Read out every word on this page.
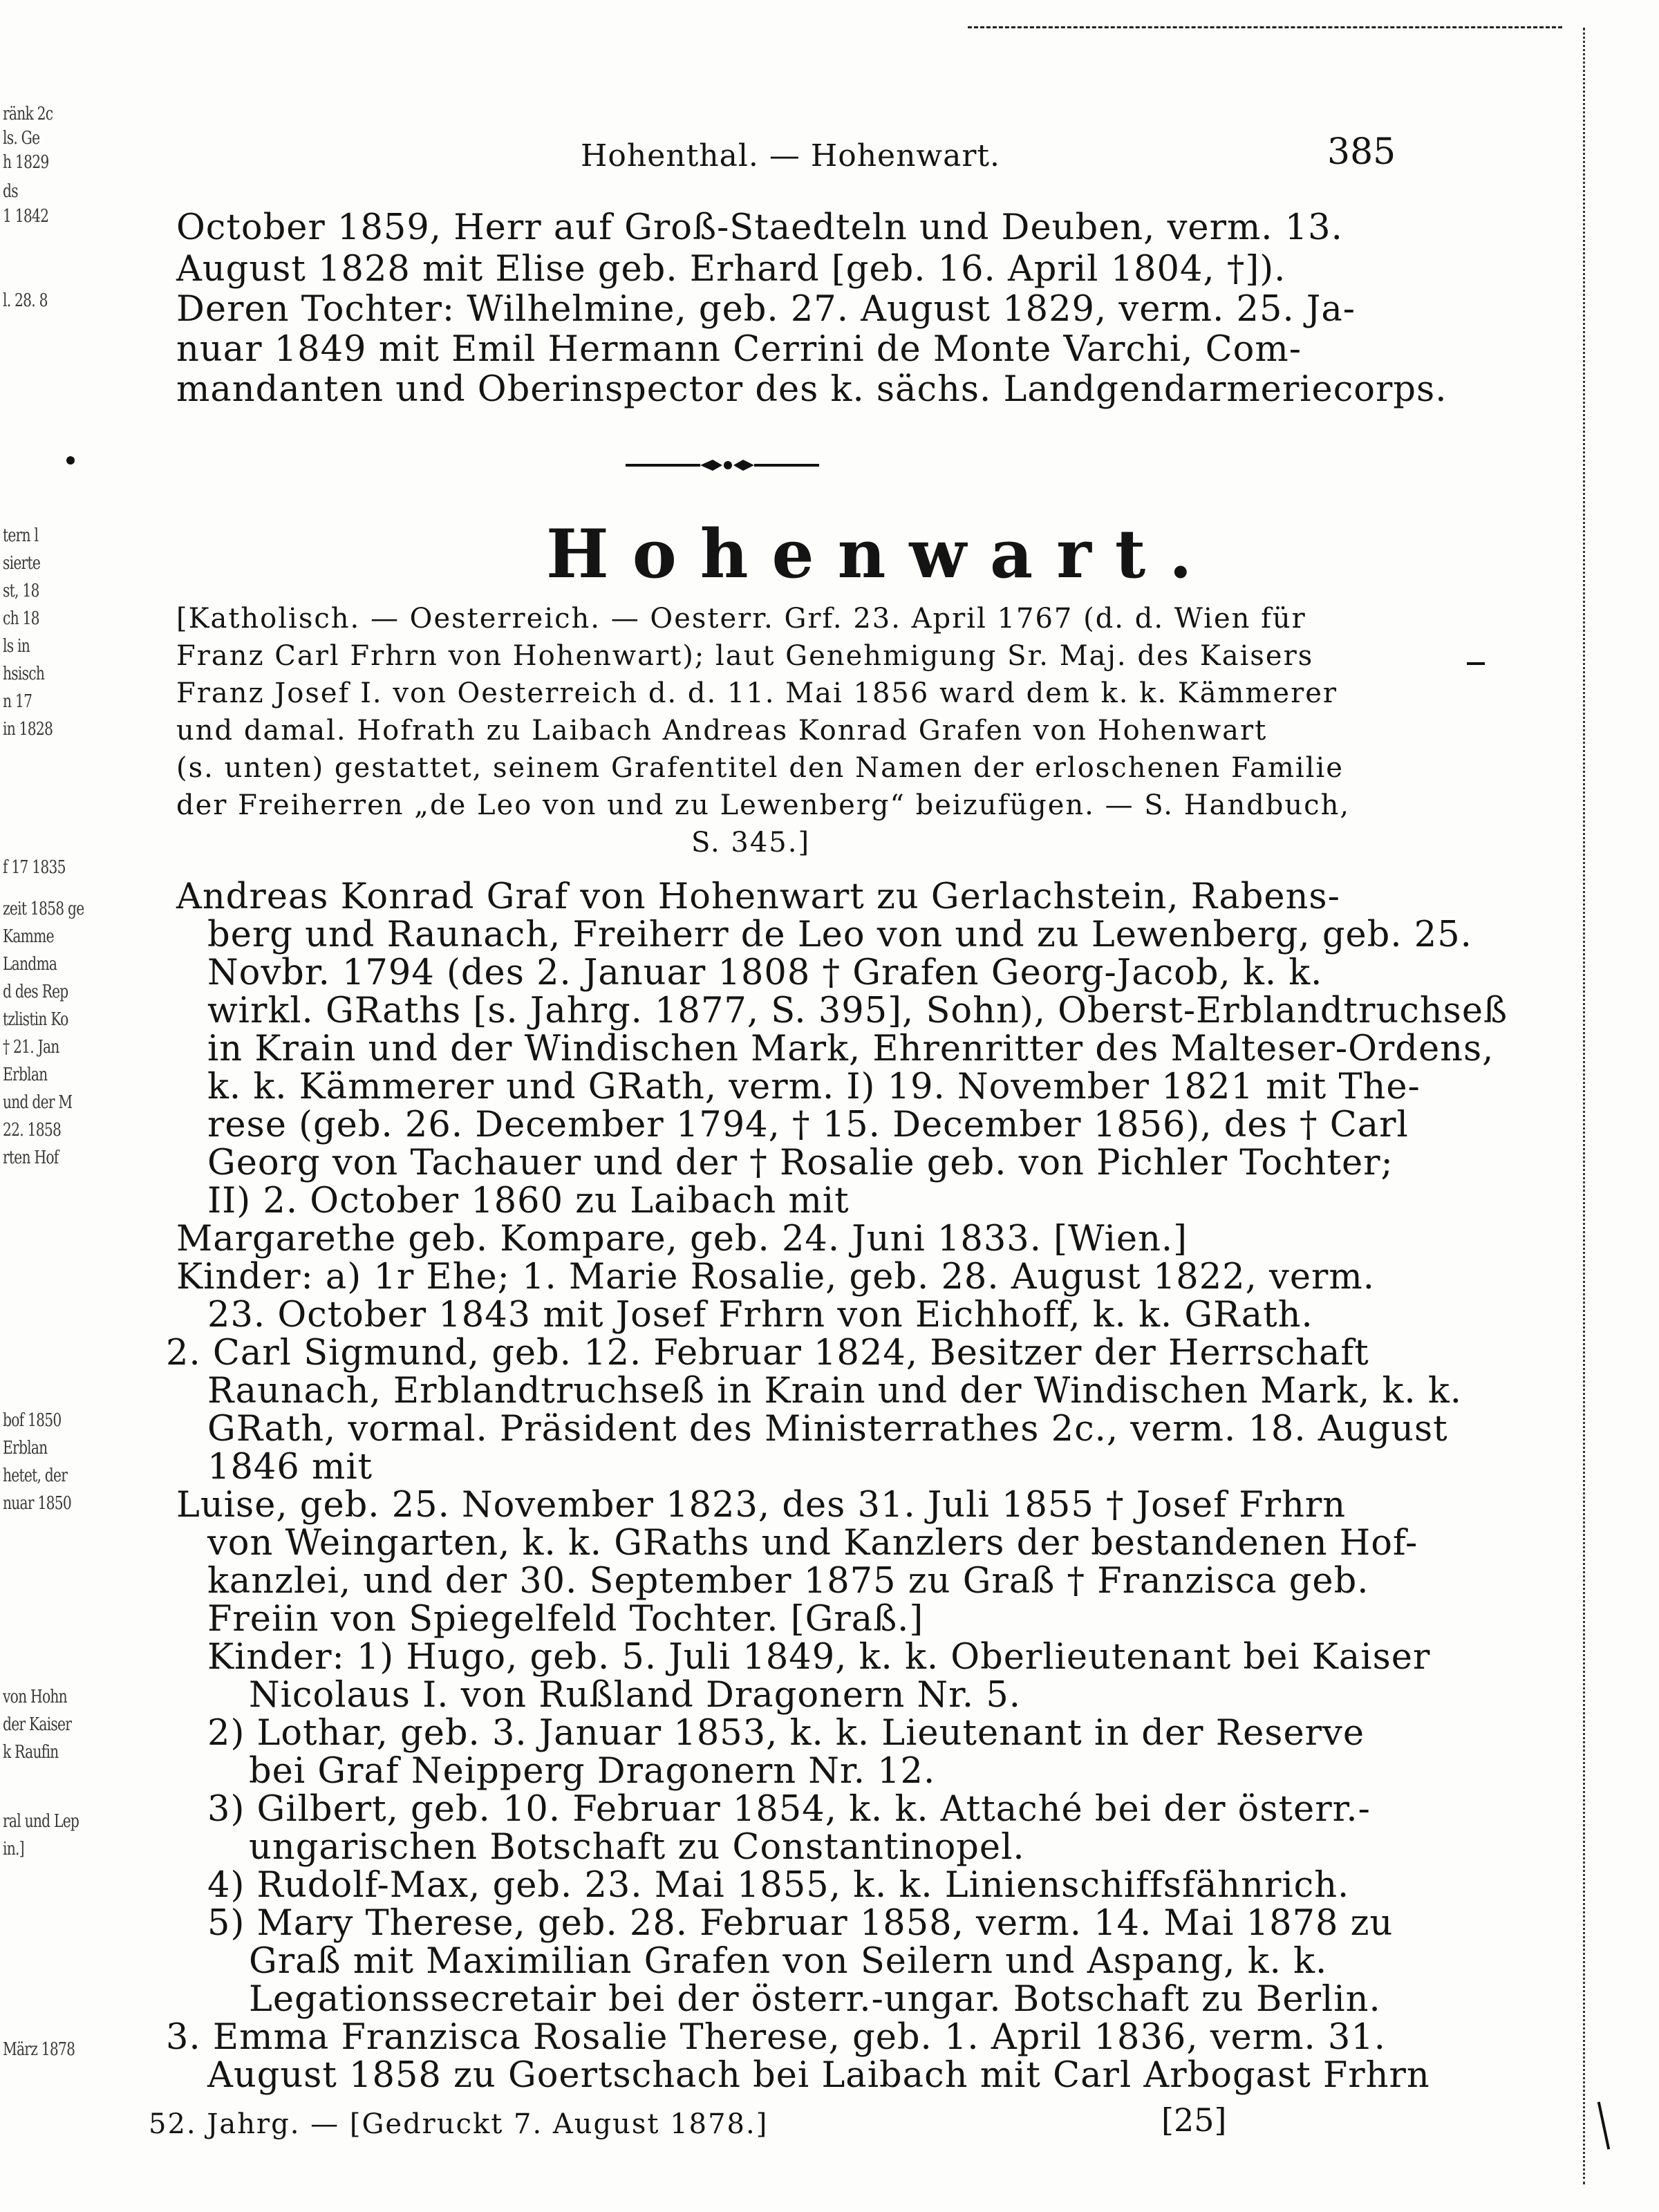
ränk 2c
ls. Ge
h 1829
ds
1 1842
l. 28. 8
tern l
sierte
st, 18
ch 18
ls in
hsisch
n 17
in 1828
f 17 1835
zeit 1858 ge
Kamme
Landma
d des Rep
tzlistin Ko
† 21. Jan
Erblan
und der M
22. 1858
rten Hof
bof 1850
Erblan
hetet, der
nuar 1850
von Hohn
der Kaiser
k Raufin
ral und Lep
in.]
März 1878
Hohenthal. — Hohenwart.	385
October 1859, Herr auf Groß-Staedteln und Deuben, verm. 13.
August 1828 mit Elise geb. Erhard [geb. 16. April 1804, †]).
Deren Tochter: Wilhelmine, geb. 27. August 1829, verm. 25. Ja-
nuar 1849 mit Emil Hermann Cerrini de Monte Varchi, Com-
mandanten und Oberinspector des k. sächs. Landgendarmeriecorps.
Hohenwart.
[Katholisch. — Oesterreich. — Oesterr. Grf. 23. April 1767 (d. d. Wien für
Franz Carl Frhrn von Hohenwart); laut Genehmigung Sr. Maj. des Kaisers
Franz Josef I. von Oesterreich d. d. 11. Mai 1856 ward dem k. k. Kämmerer
und damal. Hofrath zu Laibach Andreas Konrad Grafen von Hohenwart
(s. unten) gestattet, seinem Grafentitel den Namen der erloschenen Familie
der Freiherren „de Leo von und zu Lewenberg“ beizufügen. — S. Handbuch,
S. 345.]
Andreas Konrad Graf von Hohenwart zu Gerlachstein, Rabens-
berg und Raunach, Freiherr de Leo von und zu Lewenberg, geb. 25.
Novbr. 1794 (des 2. Januar 1808 † Grafen Georg-Jacob, k. k.
wirkl. GRaths [s. Jahrg. 1877, S. 395], Sohn), Oberst-Erblandtruchseß
in Krain und der Windischen Mark, Ehrenritter des Malteser-Ordens,
k. k. Kämmerer und GRath, verm. I) 19. November 1821 mit The-
rese (geb. 26. December 1794, † 15. December 1856), des † Carl
Georg von Tachauer und der † Rosalie geb. von Pichler Tochter;
II) 2. October 1860 zu Laibach mit
Margarethe geb. Kompare, geb. 24. Juni 1833. [Wien.]
Kinder: a) 1r Ehe; 1. Marie Rosalie, geb. 28. August 1822, verm.
23. October 1843 mit Josef Frhrn von Eichhoff, k. k. GRath.
2. Carl Sigmund, geb. 12. Februar 1824, Besitzer der Herrschaft
Raunach, Erblandtruchseß in Krain und der Windischen Mark, k. k.
GRath, vormal. Präsident des Ministerrathes 2c., verm. 18. August
1846 mit
Luise, geb. 25. November 1823, des 31. Juli 1855 † Josef Frhrn
von Weingarten, k. k. GRaths und Kanzlers der bestandenen Hof-
kanzlei, und der 30. September 1875 zu Graß † Franzisca geb.
Freiin von Spiegelfeld Tochter. [Graß.]
Kinder: 1) Hugo, geb. 5. Juli 1849, k. k. Oberlieutenant bei Kaiser
Nicolaus I. von Rußland Dragonern Nr. 5.
2) Lothar, geb. 3. Januar 1853, k. k. Lieutenant in der Reserve
bei Graf Neipperg Dragonern Nr. 12.
3) Gilbert, geb. 10. Februar 1854, k. k. Attaché bei der österr.-
ungarischen Botschaft zu Constantinopel.
4) Rudolf-Max, geb. 23. Mai 1855, k. k. Linienschiffsfähnrich.
5) Mary Therese, geb. 28. Februar 1858, verm. 14. Mai 1878 zu
Graß mit Maximilian Grafen von Seilern und Aspang, k. k.
Legationssecretair bei der österr.-ungar. Botschaft zu Berlin.
52. Jahrg. — [Gedruckt 7. August 1878.]	[25]
3. Emma Franzisca Rosalie Therese, geb. 1. April 1836, verm. 31.
August 1858 zu Goertschach bei Laibach mit Carl Arbogast Frhrn
